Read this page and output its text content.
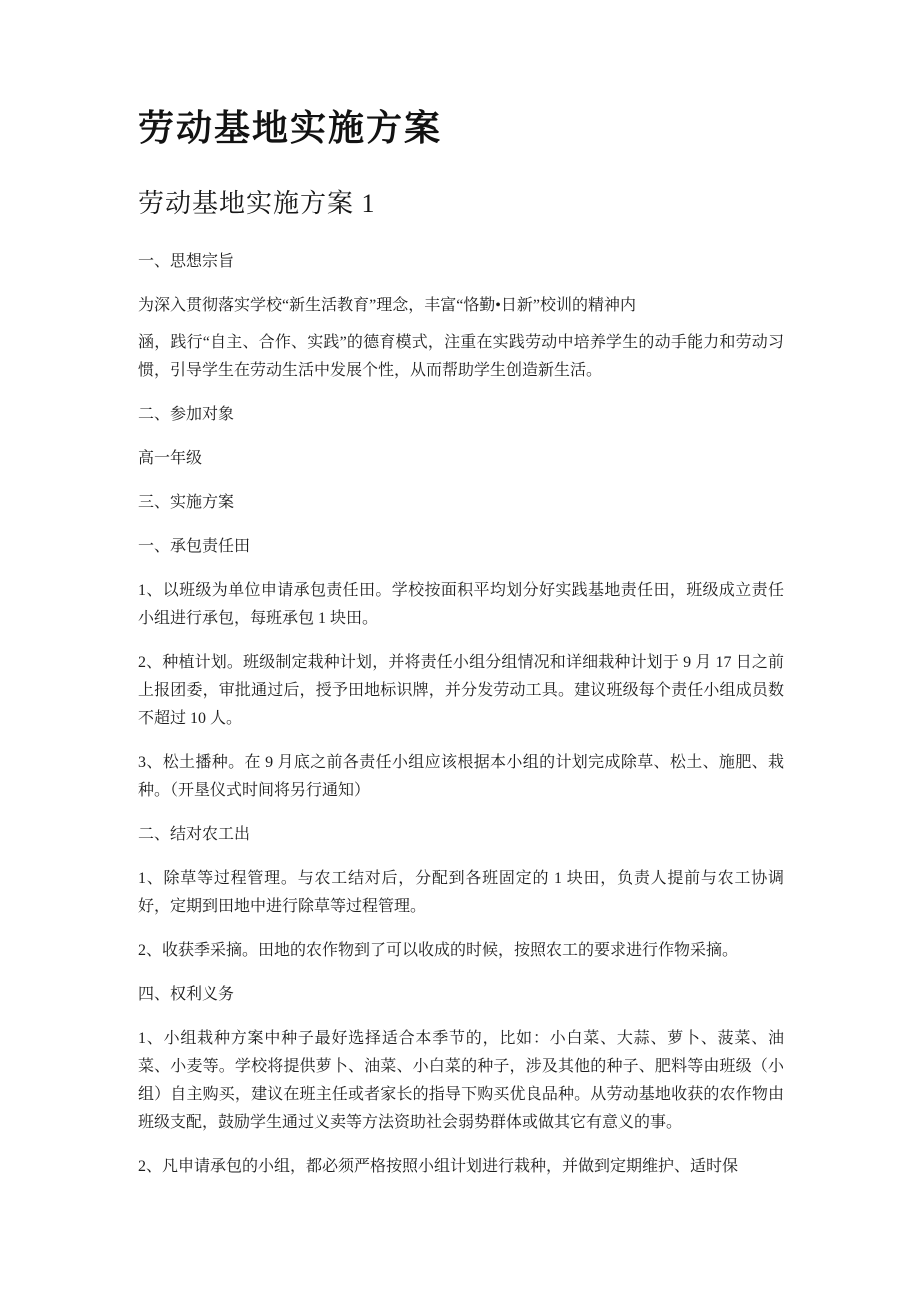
劳动基地实施方案
劳动基地实施方案 1

一、思想宗旨

为深入贯彻落实学校“新生活教育”理念，丰富“恪勤•日新”校训的精神内

涵，践行“自主、合作、实践”的德育模式，注重在实践劳动中培养学生的动手能力和劳动习惯，引导学生在劳动生活中发展个性，从而帮助学生创造新生活。

二、参加对象

高一年级

三、实施方案

一、承包责任田

1、以班级为单位申请承包责任田。学校按面积平均划分好实践基地责任田，班级成立责任小组进行承包，每班承包 1 块田。

2、种植计划。班级制定栽种计划，并将责任小组分组情况和详细栽种计划于 9 月 17 日之前上报团委，审批通过后，授予田地标识牌，并分发劳动工具。建议班级每个责任小组成员数不超过 10 人。

3、松土播种。在 9 月底之前各责任小组应该根据本小组的计划完成除草、松土、施肥、栽种。（开垦仪式时间将另行通知）

二、结对农工出

1、除草等过程管理。与农工结对后，分配到各班固定的 1 块田，负责人提前与农工协调好，定期到田地中进行除草等过程管理。

2、收获季采摘。田地的农作物到了可以收成的时候，按照农工的要求进行作物采摘。

四、权利义务

1、小组栽种方案中种子最好选择适合本季节的，比如：小白菜、大蒜、萝卜、菠菜、油菜、小麦等。学校将提供萝卜、油菜、小白菜的种子，涉及其他的种子、肥料等由班级（小组）自主购买，建议在班主任或者家长的指导下购买优良品种。从劳动基地收获的农作物由班级支配，鼓励学生通过义卖等方法资助社会弱势群体或做其它有意义的事。

2、凡申请承包的小组，都必须严格按照小组计划进行栽种，并做到定期维护、适时保
